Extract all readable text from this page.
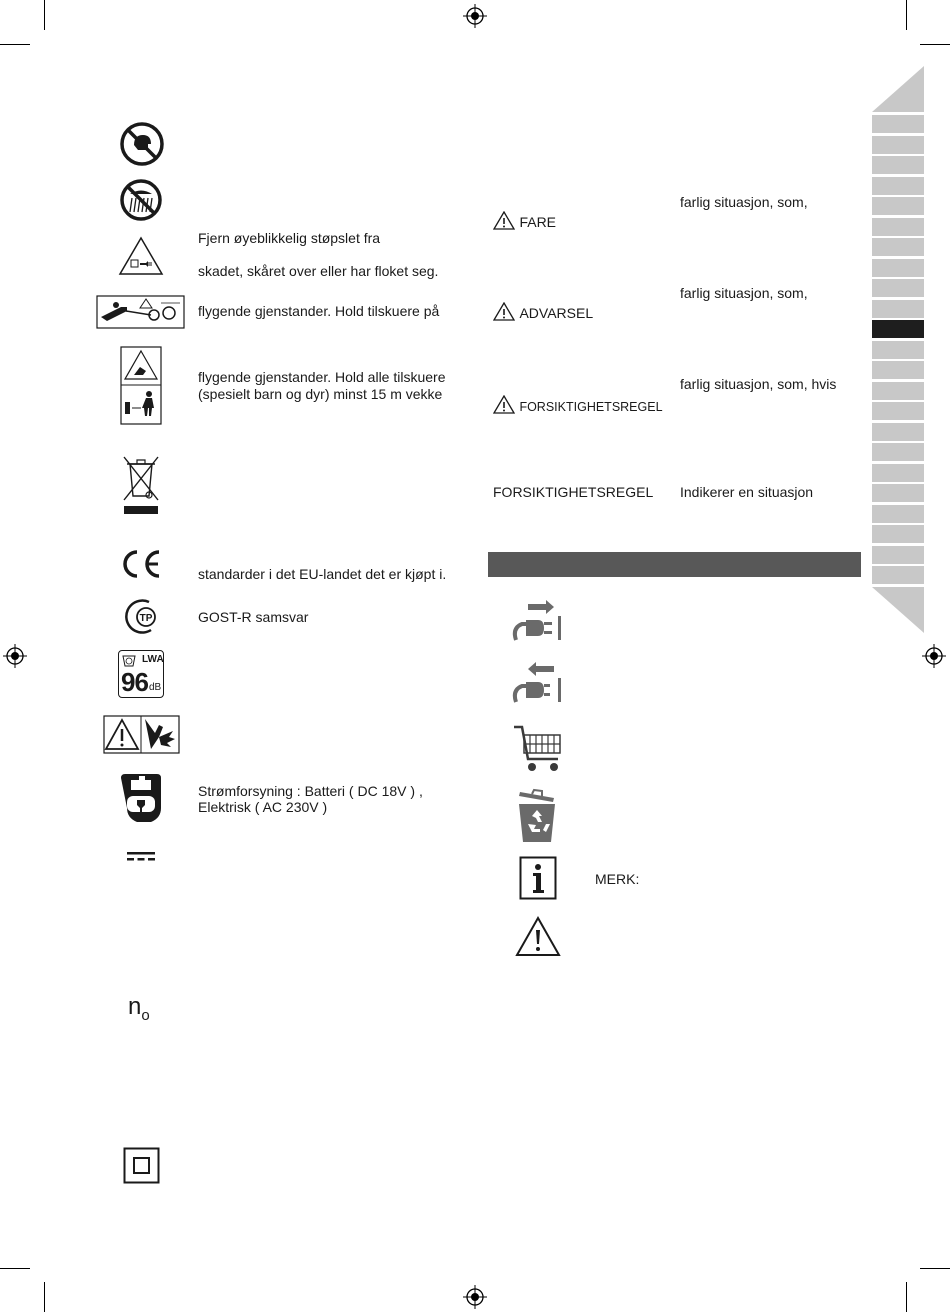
Fjern øyeblikkelig støpslet fra
skadet, skåret over eller har floket seg.
flygende gjenstander. Hold tilskuere på
flygende gjenstander. Hold alle tilskuere
(spesielt barn og dyr) minst 15 m vekke
standarder i det EU-landet det er kjøpt i.
TP	GOST-R samsvar
LWA
96 dB
Strømforsyning : Batteri ( DC 18V ) ,
Elektrisk ( AC 230V )
no
farlig situasjon, som,
FARE
farlig situasjon, som,
ADVARSEL
farlig situasjon, som, hvis
FORSIKTIGHETSREGEL
FORSIKTIGHETSREGEL Indikerer en situasjon
MERK:
